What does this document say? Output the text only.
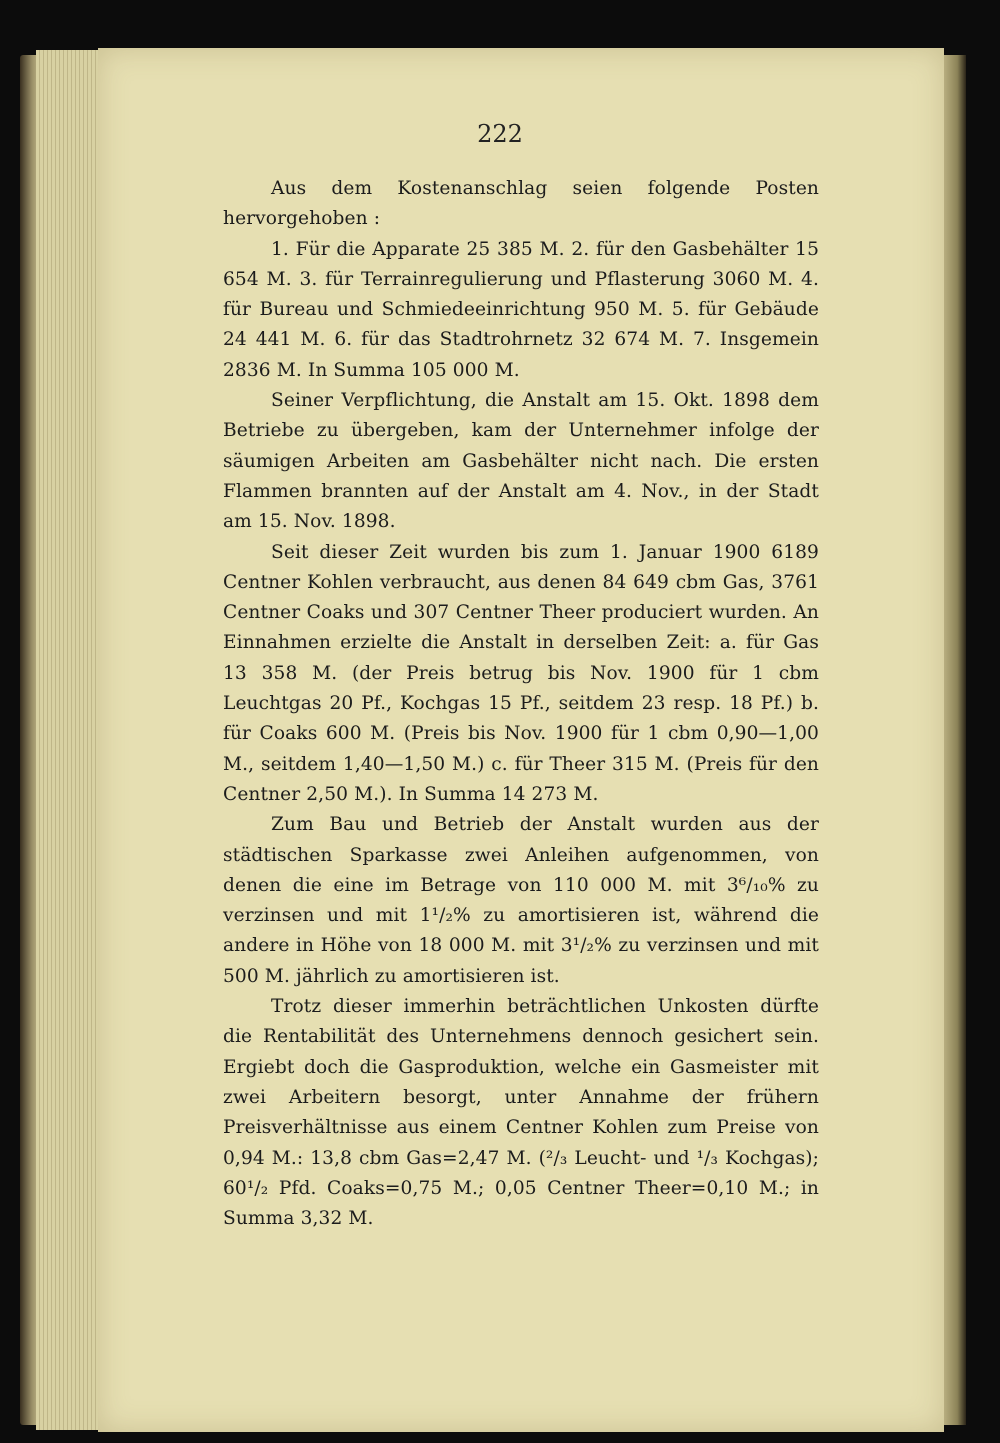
222

Aus dem Kostenanschlag seien folgende Posten hervorgehoben :

1. Für die Apparate 25 385 M. 2. für den Gasbehälter 15 654 M. 3. für Terrainregulierung und Pflasterung 3060 M. 4. für Bureau und Schmiedeeinrichtung 950 M. 5. für Gebäude 24 441 M. 6. für das Stadtrohrnetz 32 674 M. 7. Insgemein 2836 M. In Summa 105 000 M.

Seiner Verpflichtung, die Anstalt am 15. Okt. 1898 dem Betriebe zu übergeben, kam der Unternehmer infolge der säumigen Arbeiten am Gasbehälter nicht nach. Die ersten Flammen brannten auf der Anstalt am 4. Nov., in der Stadt am 15. Nov. 1898.

Seit dieser Zeit wurden bis zum 1. Januar 1900 6189 Centner Kohlen verbraucht, aus denen 84 649 cbm Gas, 3761 Centner Coaks und 307 Centner Theer produciert wurden. An Einnahmen erzielte die Anstalt in derselben Zeit: a. für Gas 13 358 M. (der Preis betrug bis Nov. 1900 für 1 cbm Leuchtgas 20 Pf., Kochgas 15 Pf., seitdem 23 resp. 18 Pf.) b. für Coaks 600 M. (Preis bis Nov. 1900 für 1 cbm 0,90—1,00 M., seitdem 1,40—1,50 M.) c. für Theer 315 M. (Preis für den Centner 2,50 M.). In Summa 14 273 M.

Zum Bau und Betrieb der Anstalt wurden aus der städtischen Sparkasse zwei Anleihen aufgenommen, von denen die eine im Betrage von 110 000 M. mit 3⁶/₁₀% zu verzinsen und mit 1¹/₂% zu amortisieren ist, während die andere in Höhe von 18 000 M. mit 3¹/₂% zu verzinsen und mit 500 M. jährlich zu amortisieren ist.

Trotz dieser immerhin beträchtlichen Unkosten dürfte die Rentabilität des Unternehmens dennoch gesichert sein. Ergiebt doch die Gasproduktion, welche ein Gasmeister mit zwei Arbeitern besorgt, unter Annahme der frühern Preisverhältnisse aus einem Centner Kohlen zum Preise von 0,94 M.: 13,8 cbm Gas=2,47 M. (²/₃ Leucht- und ¹/₃ Kochgas); 60¹/₂ Pfd. Coaks=0,75 M.; 0,05 Centner Theer=0,10 M.; in Summa 3,32 M.
